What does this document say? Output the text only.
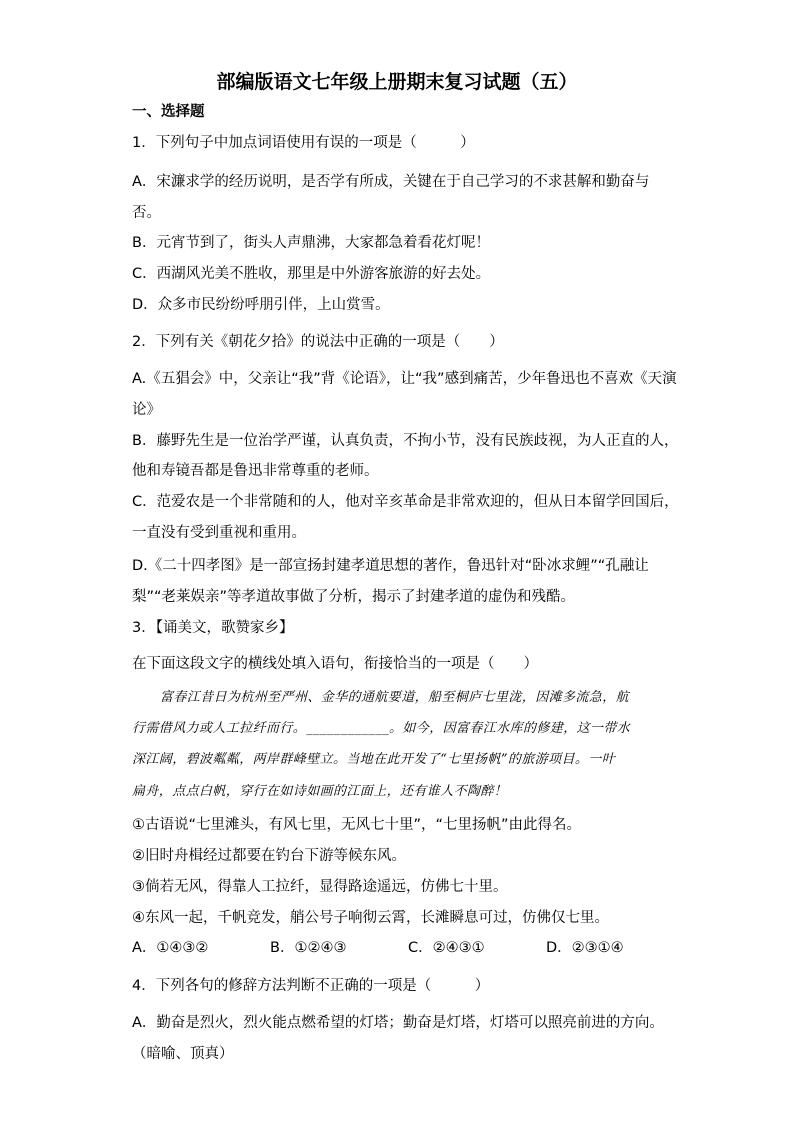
部编版语文七年级上册期末复习试题（五）
一、选择题
1．下列句子中加点词语使用有误的一项是（　　　）
A．宋濂求学的经历说明，是否学有所成，关键在于自己学习的不求甚解和勤奋与
否。
B．元宵节到了，街头人声鼎沸，大家都急着看花灯呢！
C．西湖风光美不胜收，那里是中外游客旅游的好去处。
D．众多市民纷纷呼朋引伴，上山赏雪。
2．下列有关《朝花夕拾》的说法中正确的一项是（　　）
A.《五猖会》中，父亲让“我”背《论语》，让“我”感到痛苦，少年鲁迅也不喜欢《天演
论》
B．藤野先生是一位治学严谨，认真负责，不拘小节，没有民族歧视，为人正直的人，
他和寿镜吾都是鲁迅非常尊重的老师。
C．范爱农是一个非常随和的人，他对辛亥革命是非常欢迎的，但从日本留学回国后，
一直没有受到重视和重用。
D.《二十四孝图》是一部宣扬封建孝道思想的著作，鲁迅针对“卧冰求鲤”“孔融让
梨”“老莱娱亲”等孝道故事做了分析，揭示了封建孝道的虚伪和残酷。
3．【诵美文，歌赞家乡】
在下面这段文字的横线处填入语句，衔接恰当的一项是（　　）
富春江昔日为杭州至严州、金华的通航要道，船至桐庐七里泷，因滩多流急，航
行需借风力或人工拉纤而行。____________。如今，因富春江水库的修建，这一带水
深江阔，碧波粼粼，两岸群峰壁立。当地在此开发了“七里扬帆”的旅游项目。一叶
扁舟，点点白帆，穿行在如诗如画的江面上，还有谁人不陶醉！
①古语说“七里滩头，有风七里，无风七十里”，“七里扬帆”由此得名。
②旧时舟楫经过都要在钓台下游等候东风。
③倘若无风，得靠人工拉纤，显得路途遥远，仿佛七十里。
④东风一起，千帆竞发，艄公号子响彻云霄，长滩瞬息可过，仿佛仅七里。
A．①④③②	B．①②④③	C．②④③①	D．②③①④
4．下列各句的修辞方法判断不正确的一项是（　　　）
A．勤奋是烈火，烈火能点燃希望的灯塔；勤奋是灯塔，灯塔可以照亮前进的方向。
（暗喻、顶真）
